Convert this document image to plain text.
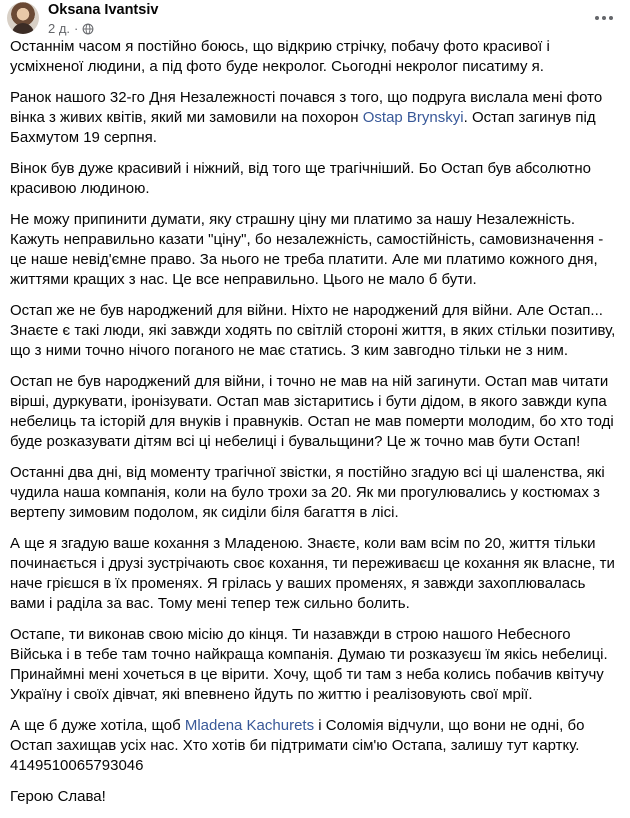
Oksana Ivantsiv
2 д. ·

Останнім часом я постійно боюсь, що відкрию стрічку, побачу фото красивої і усміхненої людини, а під фото буде некролог. Сьогодні некролог писатиму я.

Ранок нашого 32-го Дня Незалежності почався з того, що подруга вислала мені фото вінка з живих квітів, який ми замовили на похорон Ostap Brynskyi. Остап загинув під Бахмутом 19 серпня.

Вінок був дуже красивий і ніжний, від того ще трагічніший. Бо Остап був абсолютно красивою людиною.

Не можу припинити думати, яку страшну ціну ми платимо за нашу Незалежність. Кажуть неправильно казати "ціну", бо незалежність, самостійність, самовизначення - це наше невід'ємне право. За нього не треба платити. Але ми платимо кожного дня, життями кращих з нас. Це все неправильно. Цього не мало б бути.

Остап же не був народжений для війни. Ніхто не народжений для війни. Але Остап... Знаєте є такі люди, які завжди ходять по світлій стороні життя, в яких стільки позитиву, що з ними точно нічого поганого не має статись. З ким завгодно тільки не з ним.

Остап не був народжений для війни, і точно не мав на ній загинути. Остап мав читати вірші, дуркувати, іронізувати. Остап мав зістаритись і бути дідом, в якого завжди купа небелиць та історій для внуків і правнуків. Остап не мав померти молодим, бо хто тоді буде розказувати дітям всі ці небелиці і бувальщини? Це ж точно мав бути Остап!

Останні два дні, від моменту трагічної звістки, я постійно згадую всі ці шаленства, які чудила наша компанія, коли на було трохи за 20. Як ми прогулювались у костюмах з вертепу зимовим подолом, як сиділи біля багаття в лісі.

А ще я згадую ваше кохання з Младеною. Знаєте, коли вам всім по 20, життя тільки починається і друзі зустрічають своє кохання, ти переживаєш це кохання як власне, ти наче грієшся в їх променях. Я грілась у ваших променях, я завжди захоплювалась вами і раділа за вас. Тому мені тепер теж сильно болить.

Остапе, ти виконав свою місію до кінця. Ти назавжди в строю нашого Небесного Війська і в тебе там точно найкраща компанія. Думаю ти розказуєш їм якісь небелиці. Принаймні мені хочеться в це вірити. Хочу, щоб ти там з неба колись побачив квітучу Україну і своїх дівчат, які впевнено йдуть по життю і реалізовують свої мрії.

А ще б дуже хотіла, щоб Mladena Kachurets і Соломія відчули, що вони не одні, бо Остап захищав усіх нас. Хто хотів би підтримати сім'ю Остапа, залишу тут картку.
4149510065793046

Герою Слава!
